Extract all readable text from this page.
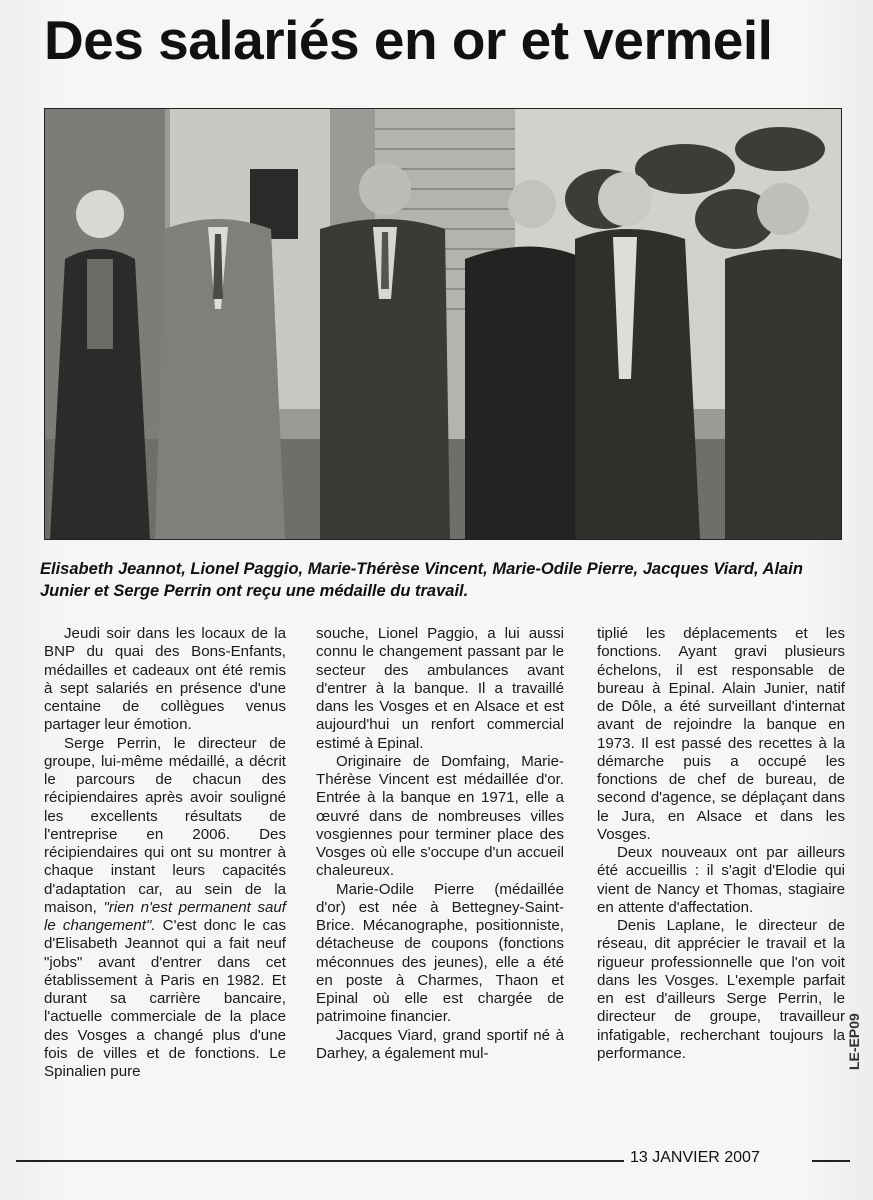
Des salariés en or et vermeil
Elisabeth Jeannot, Lionel Paggio, Marie-Thérèse Vincent, Marie-Odile Pierre, Jacques Viard, Alain Junier et Serge Perrin ont reçu une médaille du travail.

Jeudi soir dans les locaux de la BNP du quai des Bons-Enfants, médailles et cadeaux ont été remis à sept salariés en présence d'une centaine de collègues venus partager leur émotion.

Serge Perrin, le directeur de groupe, lui-même médaillé, a décrit le parcours de chacun des récipiendaires après avoir souligné les excellents résultats de l'entreprise en 2006. Des récipiendaires qui ont su montrer à chaque instant leurs capacités d'adaptation car, au sein de la maison, "rien n'est permanent sauf le changement". C'est donc le cas d'Elisabeth Jeannot qui a fait neuf "jobs" avant d'entrer dans cet établissement à Paris en 1982. Et durant sa carrière bancaire, l'actuelle commerciale de la place des Vosges a changé plus d'une fois de villes et de fonctions. Le Spinalien pure

souche, Lionel Paggio, a lui aussi connu le changement passant par le secteur des ambulances avant d'entrer à la banque. Il a travaillé dans les Vosges et en Alsace et est aujourd'hui un renfort commercial estimé à Epinal.

Originaire de Domfaing, Marie-Thérèse Vincent est médaillée d'or. Entrée à la banque en 1971, elle a œuvré dans de nombreuses villes vosgiennes pour terminer place des Vosges où elle s'occupe d'un accueil chaleureux.

Marie-Odile Pierre (médaillée d'or) est née à Bettegney-Saint-Brice. Mécanographe, positionniste, détacheuse de coupons (fonctions méconnues des jeunes), elle a été en poste à Charmes, Thaon et Epinal où elle est chargée de patrimoine financier.

Jacques Viard, grand sportif né à Darhey, a également mul-

tiplié les déplacements et les fonctions. Ayant gravi plusieurs échelons, il est responsable de bureau à Epinal. Alain Junier, natif de Dôle, a été surveillant d'internat avant de rejoindre la banque en 1973. Il est passé des recettes à la démarche puis a occupé les fonctions de chef de bureau, de second d'agence, se déplaçant dans le Jura, en Alsace et dans les Vosges.

Deux nouveaux ont par ailleurs été accueillis : il s'agit d'Elodie qui vient de Nancy et Thomas, stagiaire en attente d'affectation.

Denis Laplane, le directeur de réseau, dit apprécier le travail et la rigueur professionnelle que l'on voit dans les Vosges. L'exemple parfait en est d'ailleurs Serge Perrin, le directeur de groupe, travailleur infatigable, recherchant toujours la performance.

13 JANVIER 2007
LE-EP09
